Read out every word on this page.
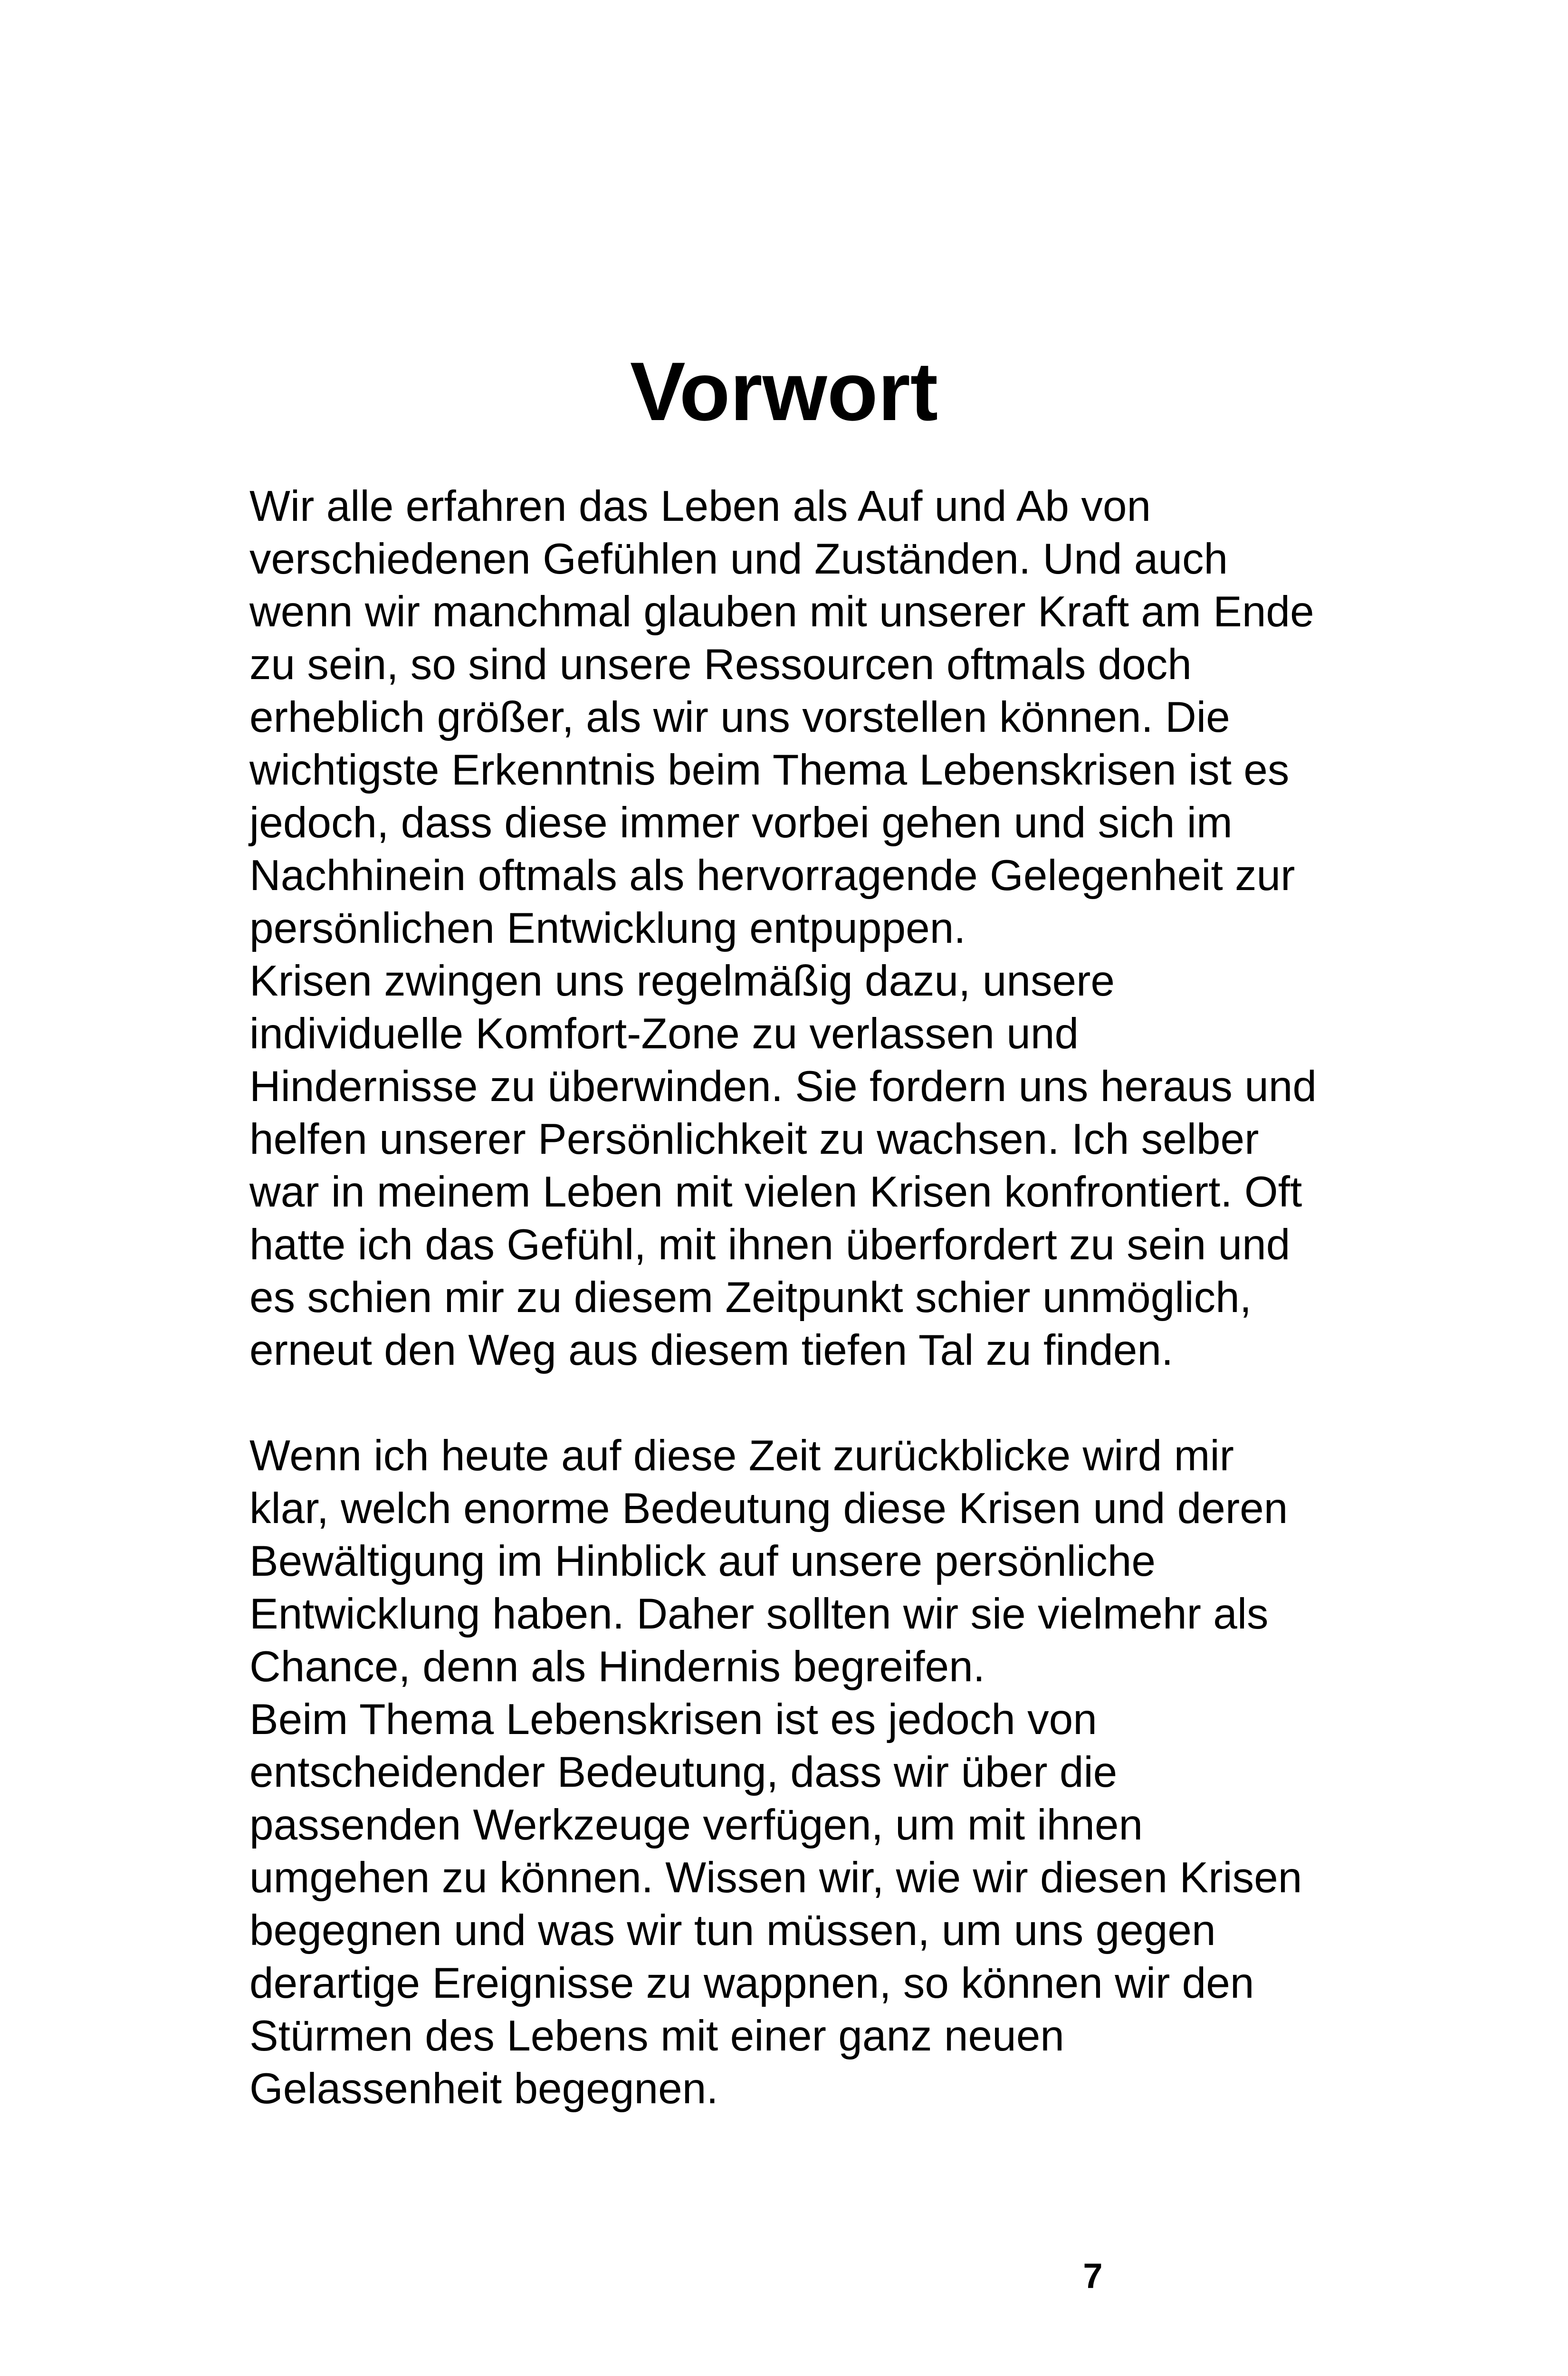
Vorwort
Wir alle erfahren das Leben als Auf und Ab von
verschiedenen Gefühlen und Zuständen. Und auch
wenn wir manchmal glauben mit unserer Kraft am Ende
zu sein, so sind unsere Ressourcen oftmals doch
erheblich größer, als wir uns vorstellen können. Die
wichtigste Erkenntnis beim Thema Lebenskrisen ist es
jedoch, dass diese immer vorbei gehen und sich im
Nachhinein oftmals als hervorragende Gelegenheit zur
persönlichen Entwicklung entpuppen.
Krisen zwingen uns regelmäßig dazu, unsere
individuelle Komfort-Zone zu verlassen und
Hindernisse zu überwinden. Sie fordern uns heraus und
helfen unserer Persönlichkeit zu wachsen. Ich selber
war in meinem Leben mit vielen Krisen konfrontiert. Oft
hatte ich das Gefühl, mit ihnen überfordert zu sein und
es schien mir zu diesem Zeitpunkt schier unmöglich,
erneut den Weg aus diesem tiefen Tal zu finden.
Wenn ich heute auf diese Zeit zurückblicke wird mir
klar, welch enorme Bedeutung diese Krisen und deren
Bewältigung im Hinblick auf unsere persönliche
Entwicklung haben. Daher sollten wir sie vielmehr als
Chance, denn als Hindernis begreifen.
Beim Thema Lebenskrisen ist es jedoch von
entscheidender Bedeutung, dass wir über die
passenden Werkzeuge verfügen, um mit ihnen
umgehen zu können. Wissen wir, wie wir diesen Krisen
begegnen und was wir tun müssen, um uns gegen
derartige Ereignisse zu wappnen, so können wir den
Stürmen des Lebens mit einer ganz neuen
Gelassenheit begegnen.
7
